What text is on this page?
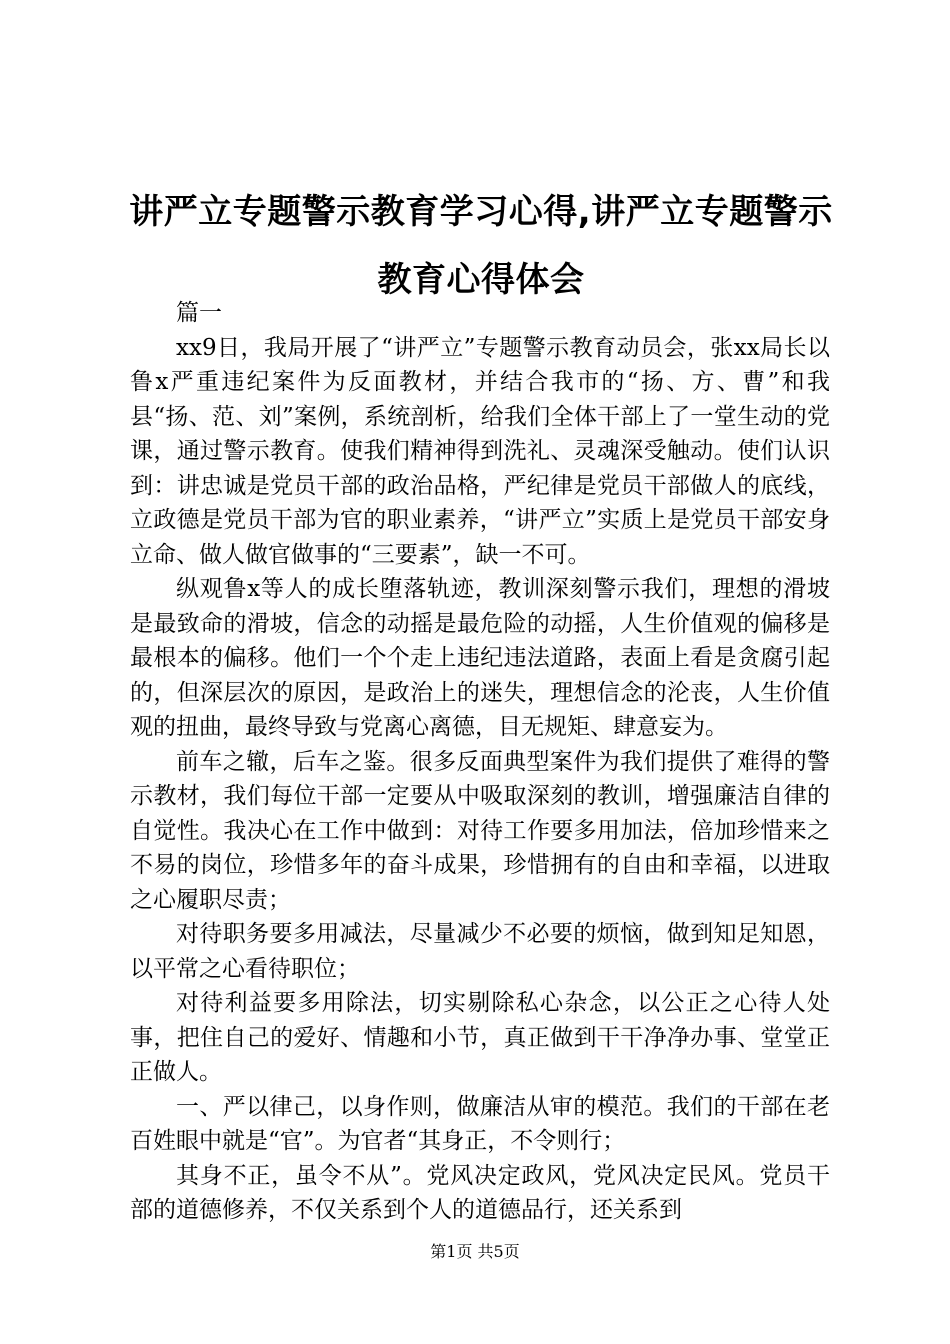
讲严立专题警示教育学习心得,讲严立专题警示教育心得体会

篇一

xx9日，我局开展了“讲严立”专题警示教育动员会，张xx局长以鲁x严重违纪案件为反面教材，并结合我市的“扬、方、曹”和我县“扬、范、刘”案例，系统剖析，给我们全体干部上了一堂生动的党课，通过警示教育。使我们精神得到洗礼、灵魂深受触动。使们认识到：讲忠诚是党员干部的政治品格，严纪律是党员干部做人的底线，立政德是党员干部为官的职业素养，“讲严立”实质上是党员干部安身立命、做人做官做事的“三要素”，缺一不可。

纵观鲁x等人的成长堕落轨迹，教训深刻警示我们，理想的滑坡是最致命的滑坡，信念的动摇是最危险的动摇，人生价值观的偏移是最根本的偏移。他们一个个走上违纪违法道路，表面上看是贪腐引起的，但深层次的原因，是政治上的迷失，理想信念的沦丧，人生价值观的扭曲，最终导致与党离心离德，目无规矩、肆意妄为。

前车之辙，后车之鉴。很多反面典型案件为我们提供了难得的警示教材，我们每位干部一定要从中吸取深刻的教训，增强廉洁自律的自觉性。我决心在工作中做到：对待工作要多用加法，倍加珍惜来之不易的岗位，珍惜多年的奋斗成果，珍惜拥有的自由和幸福，以进取之心履职尽责；

对待职务要多用减法，尽量减少不必要的烦恼，做到知足知恩，以平常之心看待职位；

对待利益要多用除法，切实剔除私心杂念，以公正之心待人处事，把住自己的爱好、情趣和小节，真正做到干干净净办事、堂堂正正做人。

一、严以律己，以身作则，做廉洁从审的模范。我们的干部在老百姓眼中就是“官”。为官者“其身正，不令则行；

其身不正，虽令不从”。党风决定政风，党风决定民风。党员干部的道德修养，不仅关系到个人的道德品行，还关系到

第1页 共5页
